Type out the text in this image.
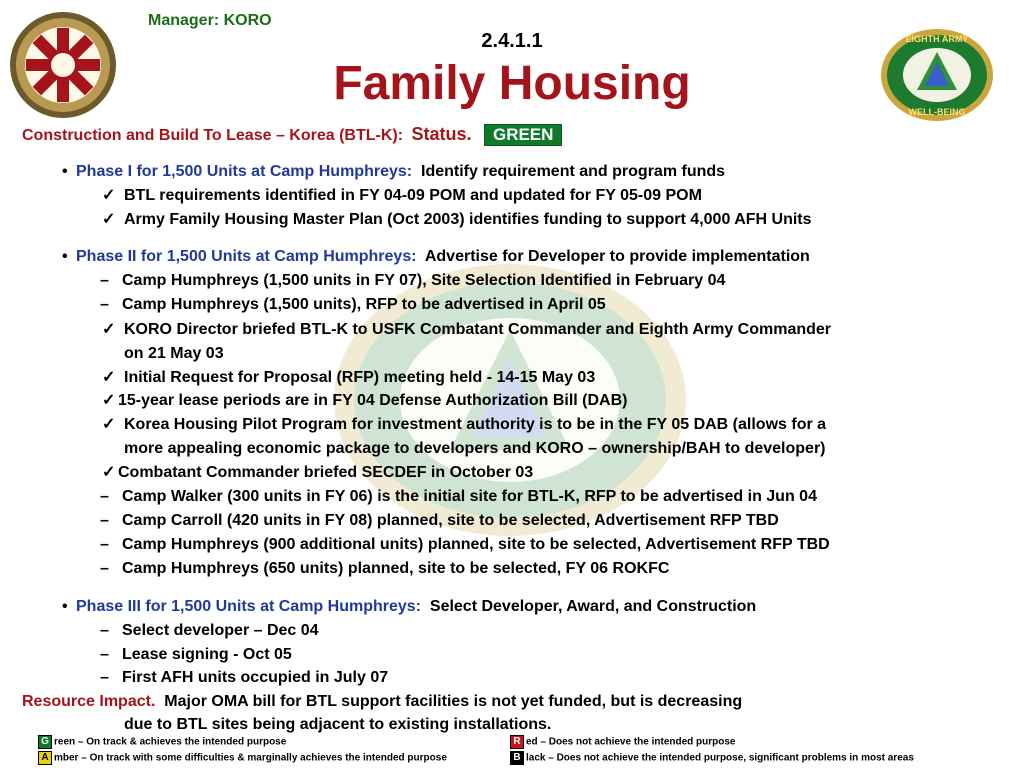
EIGHTH ARMY
WELL-BEING
Manager: KORO
2.4.1.1
Family Housing
Construction and Build To Lease – Korea (BTL-K): Status. GREEN
• Phase I for 1,500 Units at Camp Humphreys: Identify requirement and program funds
✓ BTL requirements identified in FY 04-09 POM and updated for FY 05-09 POM
✓ Army Family Housing Master Plan (Oct 2003) identifies funding to support 4,000 AFH Units
• Phase II for 1,500 Units at Camp Humphreys: Advertise for Developer to provide implementation
– Camp Humphreys (1,500 units in FY 07), Site Selection Identified in February 04
– Camp Humphreys (1,500 units), RFP to be advertised in April 05
✓ KORO Director briefed BTL-K to USFK Combatant Commander and Eighth Army Commander
on 21 May 03
✓ Initial Request for Proposal (RFP) meeting held - 14-15 May 03
✓ 15-year lease periods are in FY 04 Defense Authorization Bill (DAB)
✓ Korea Housing Pilot Program for investment authority is to be in the FY 05 DAB (allows for a
more appealing economic package to developers and KORO – ownership/BAH to developer)
✓ Combatant Commander briefed SECDEF in October 03
– Camp Walker (300 units in FY 06) is the initial site for BTL-K, RFP to be advertised in Jun 04
– Camp Carroll (420 units in FY 08) planned, site to be selected, Advertisement RFP TBD
– Camp Humphreys (900 additional units) planned, site to be selected, Advertisement RFP TBD
– Camp Humphreys (650 units) planned, site to be selected, FY 06 ROKFC
• Phase III for 1,500 Units at Camp Humphreys: Select Developer, Award, and Construction
– Select developer – Dec 04
– Lease signing - Oct 05
– First AFH units occupied in July 07
Resource Impact. Major OMA bill for BTL support facilities is not yet funded, but is decreasing
due to BTL sites being adjacent to existing installations.
G reen – On track & achieves the intended purpose
A mber – On track with some difficulties & marginally achieves the intended purpose
R ed – Does not achieve the intended purpose
B lack – Does not achieve the intended purpose, significant problems in most areas
